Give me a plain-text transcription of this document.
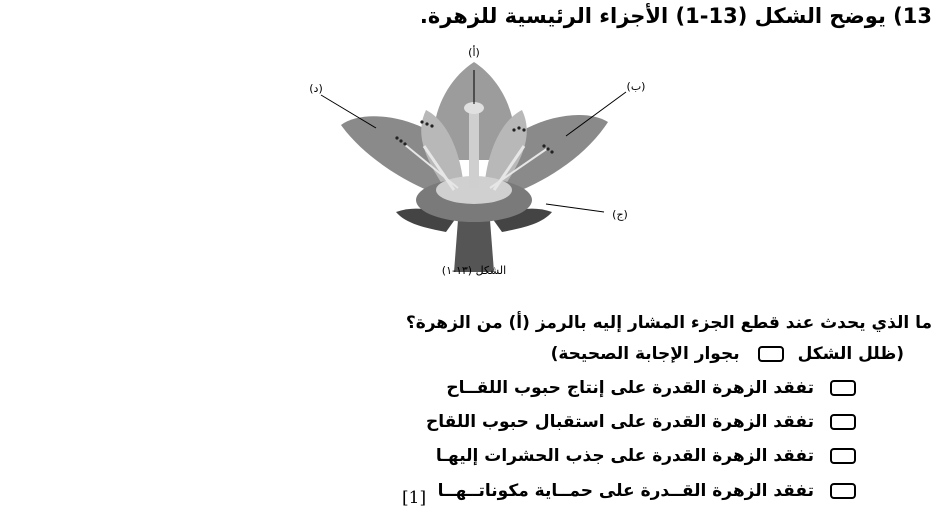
13) يوضح الشكل (13-1) الأجزاء الرئيسية للزهرة.
(أ)
(د)	(ب)
(ج)
الشكل (١٣-١)
ما الذي يحدث عند قطع الجزء المشار إليه بالرمز (أ) من الزهرة؟
(ظلل الشكلبجوار الإجابة الصحيحة)
تفقد الزهرة القدرة على إنتاج حبوب اللقــاح
تفقد الزهرة القدرة على استقبال حبوب اللقاح
تفقد الزهرة القدرة على جذب الحشرات إليهـا
تفقد الزهرة القــدرة على حمــاية مكوناتــهــا
[1]
